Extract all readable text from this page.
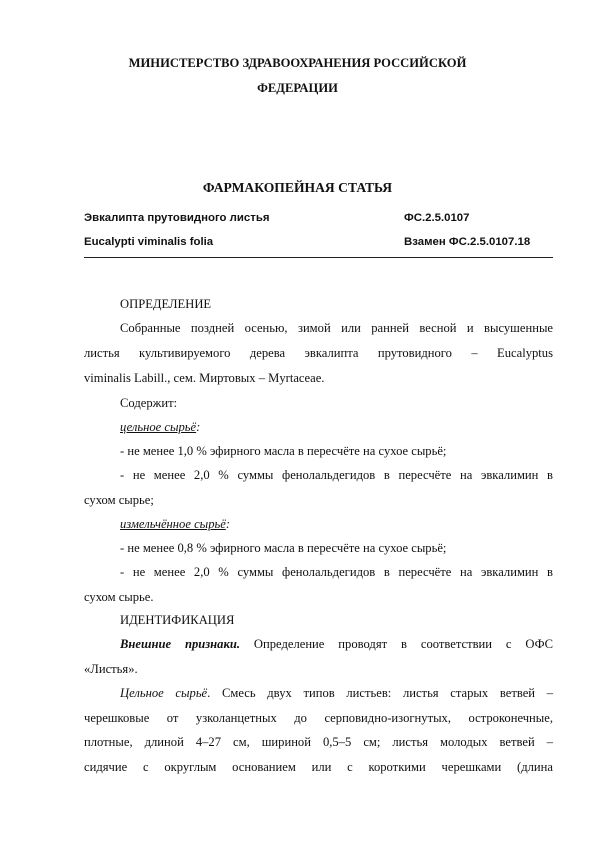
МИНИСТЕРСТВО ЗДРАВООХРАНЕНИЯ РОССИЙСКОЙ
ФЕДЕРАЦИИ
ФАРМАКОПЕЙНАЯ СТАТЬЯ
Эвкалипта прутовидного листья	ФС.2.5.0107
Eucalypti viminalis folia	Взамен ФС.2.5.0107.18
ОПРЕДЕЛЕНИЕ
Собранные поздней осенью, зимой или ранней весной и высушенные
листья культивируемого дерева эвкалипта прутовидного – Eucalyptus
viminalis Labill., сем. Миртовых – Myrtaceae.
Содержит:
цельное сырьё:
- не менее 1,0 % эфирного масла в пересчёте на сухое сырьё;
- не менее 2,0 % суммы фенолальдегидов в пересчёте на эвкалимин в
сухом сырье;
измельчённое сырьё:
- не менее 0,8 % эфирного масла в пересчёте на сухое сырьё;
- не менее 2,0 % суммы фенолальдегидов в пересчёте на эвкалимин в
сухом сырье.
ИДЕНТИФИКАЦИЯ
Внешние признаки. Определение проводят в соответствии с ОФС
«Листья».
Цельное сырьё. Смесь двух типов листьев: листья старых ветвей –
черешковые от узколанцетных до серповидно-изогнутых, остроконечные,
плотные, длиной 4–27 см, шириной 0,5–5 см; листья молодых ветвей –
сидячие с округлым основанием или с короткими черешками (длина
